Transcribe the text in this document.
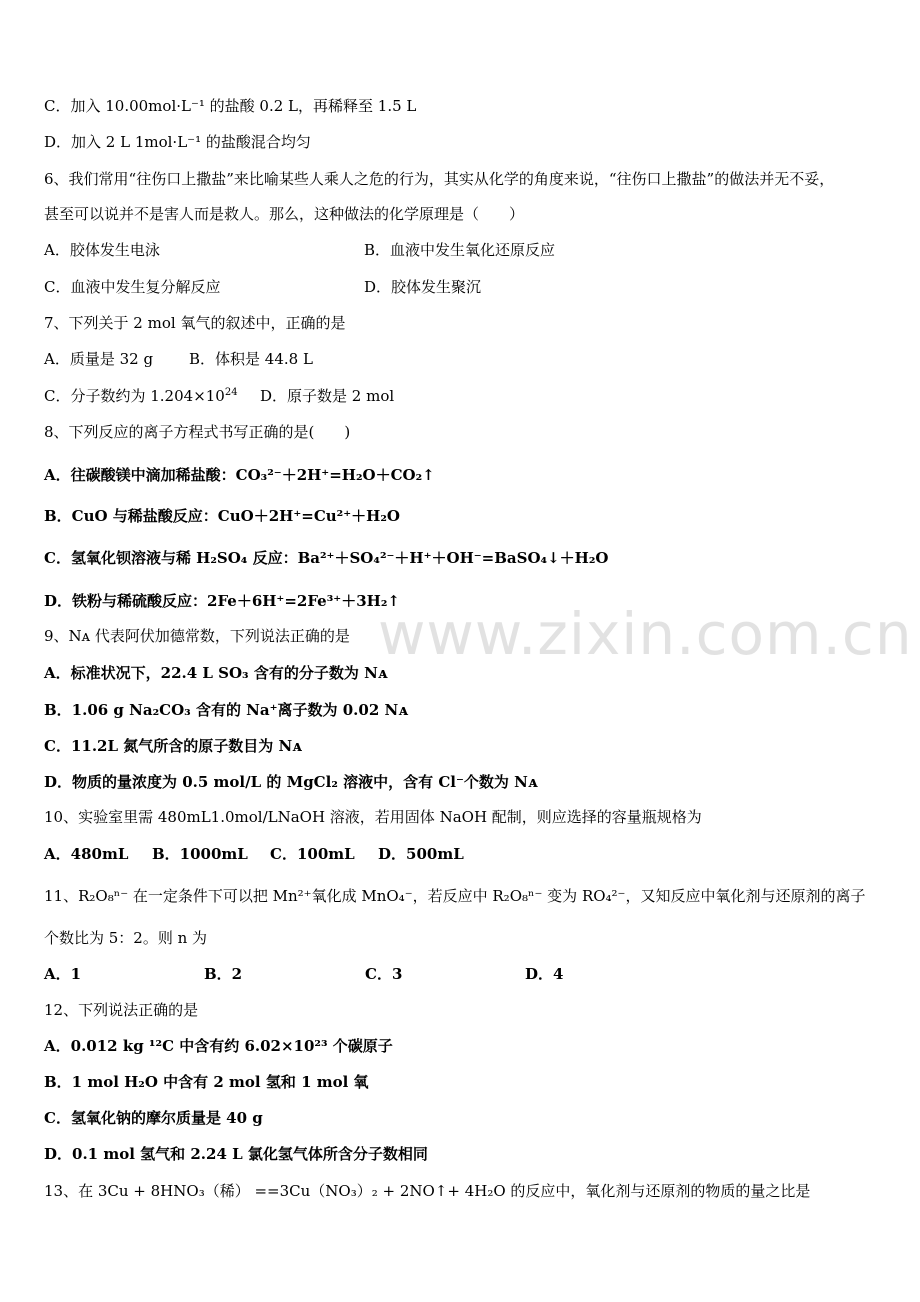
www.zixin.com.cn
C．加入 10.00mol·L⁻¹ 的盐酸 0.2 L，再稀释至 1.5 L
D．加入 2 L 1mol·L⁻¹ 的盐酸混合均匀
6、我们常用“往伤口上撒盐”来比喻某些人乘人之危的行为，其实从化学的角度来说，“往伤口上撒盐”的做法并无不妥，
甚至可以说并不是害人而是救人。那么，这种做法的化学原理是（　　）
A．胶体发生电泳	B．血液中发生氧化还原反应
C．血液中发生复分解反应	D．胶体发生聚沉
7、下列关于 2 mol 氧气的叙述中，正确的是
A．质量是 32 g B．体积是 44.8 L
C．分子数约为 $1.204\times 10^{24}$ D．原子数是 2 mol
8、下列反应的离子方程式书写正确的是(　　)
A．往碳酸镁中滴加稀盐酸：CO₃²⁻＋2H⁺=H₂O＋CO₂↑
B．CuO 与稀盐酸反应：CuO＋2H⁺=Cu²⁺＋H₂O
C．氢氧化钡溶液与稀 H₂SO₄ 反应：Ba²⁺＋SO₄²⁻＋H⁺＋OH⁻=BaSO₄↓＋H₂O
D．铁粉与稀硫酸反应：2Fe＋6H⁺=2Fe³⁺＋3H₂↑
9、Nᴀ 代表阿伏加德常数，下列说法正确的是
A．标准状况下，22.4 L SO₃ 含有的分子数为 Nᴀ
B．1.06 g Na₂CO₃ 含有的 Na⁺离子数为 0.02 Nᴀ
C．11.2L 氮气所含的原子数目为 Nᴀ
D．物质的量浓度为 0.5 mol/L 的 MgCl₂ 溶液中，含有 Cl⁻个数为 Nᴀ
10、实验室里需 480mL1.0mol/LNaOH 溶液，若用固体 NaOH 配制，则应选择的容量瓶规格为
A．480mL B．1000mL C．100mL D．500mL
11、R₂O₈ⁿ⁻ 在一定条件下可以把 Mn²⁺氧化成 MnO₄⁻，若反应中 R₂O₈ⁿ⁻ 变为 RO₄²⁻，又知反应中氧化剂与还原剂的离子
个数比为 5：2。则 n 为
A．1	B．2	C．3	D．4
12、下列说法正确的是
A．0.012 kg ¹²C 中含有约 6.02×10²³ 个碳原子
B．1 mol H₂O 中含有 2 mol 氢和 1 mol 氧
C．氢氧化钠的摩尔质量是 40 g
D．0.1 mol 氢气和 2.24 L 氯化氢气体所含分子数相同
13、在 3Cu + 8HNO₃（稀） ==3Cu（NO₃）₂ + 2NO↑+ 4H₂O 的反应中，氧化剂与还原剂的物质的量之比是
